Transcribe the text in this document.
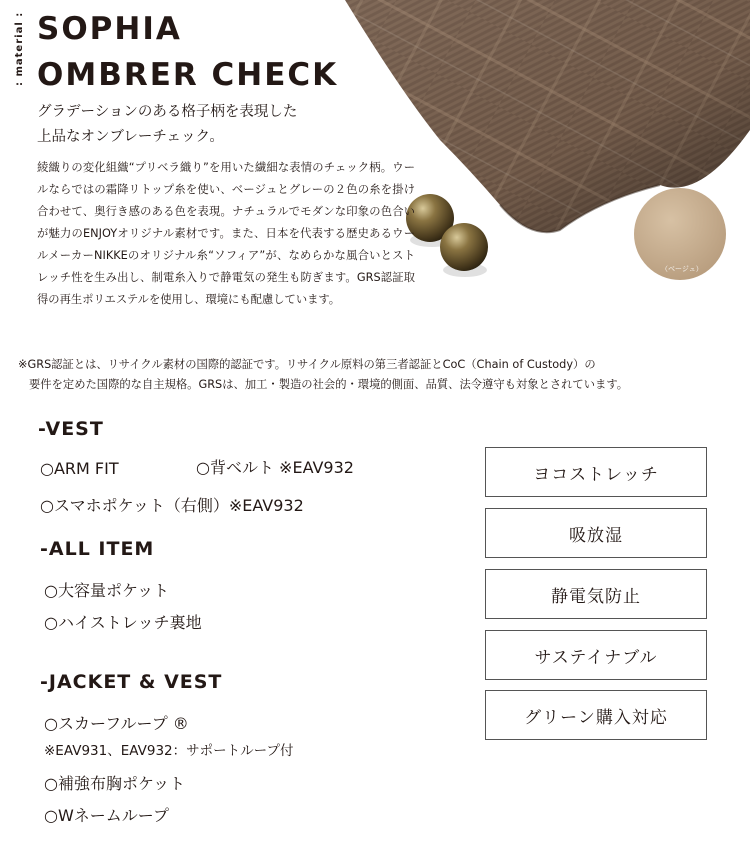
（ベージュ）
: material : SOPHIA
OMBRER CHECK
グラデーションのある格子柄を表現した
上品なオンブレーチェック。
綾織りの変化組織“プリベラ織り”を用いた繊細な表情のチェック柄。ウールならではの霜降リトップ糸を使い、ベージュとグレーの２色の糸を掛け合わせて、奥行き感のある色を表現。ナチュラルでモダンな印象の色合いが魅力のENJOYオリジナル素材です。また、日本を代表する歴史あるウールメーカーNIKKEのオリジナル糸“ソフィア”が、なめらかな風合いとストレッチ性を生み出し、制電糸入りで静電気の発生も防ぎます。GRS認証取得の再生ポリエステルを使用し、環境にも配慮しています。
※GRS認証とは、リサイクル素材の国際的認証です。リサイクル原料の第三者認証とCoC（Chain of Custody）の
要件を定めた国際的な自主規格。GRSは、加工・製造の社会的・環境的側面、品質、法令遵守も対象とされています。
-VEST
○ARM FIT	○背ベルト ※EAV932
○スマホポケット（右側）※EAV932
-ALL ITEM
○大容量ポケット
○ハイストレッチ裏地
-JACKET & VEST
○スカーフループ ®
※EAV931、EAV932：サポートループ付
○補強布胸ポケット
○Wネームループ
ヨコストレッチ
吸放湿
静電気防止
サステイナブル
グリーン購入対応
